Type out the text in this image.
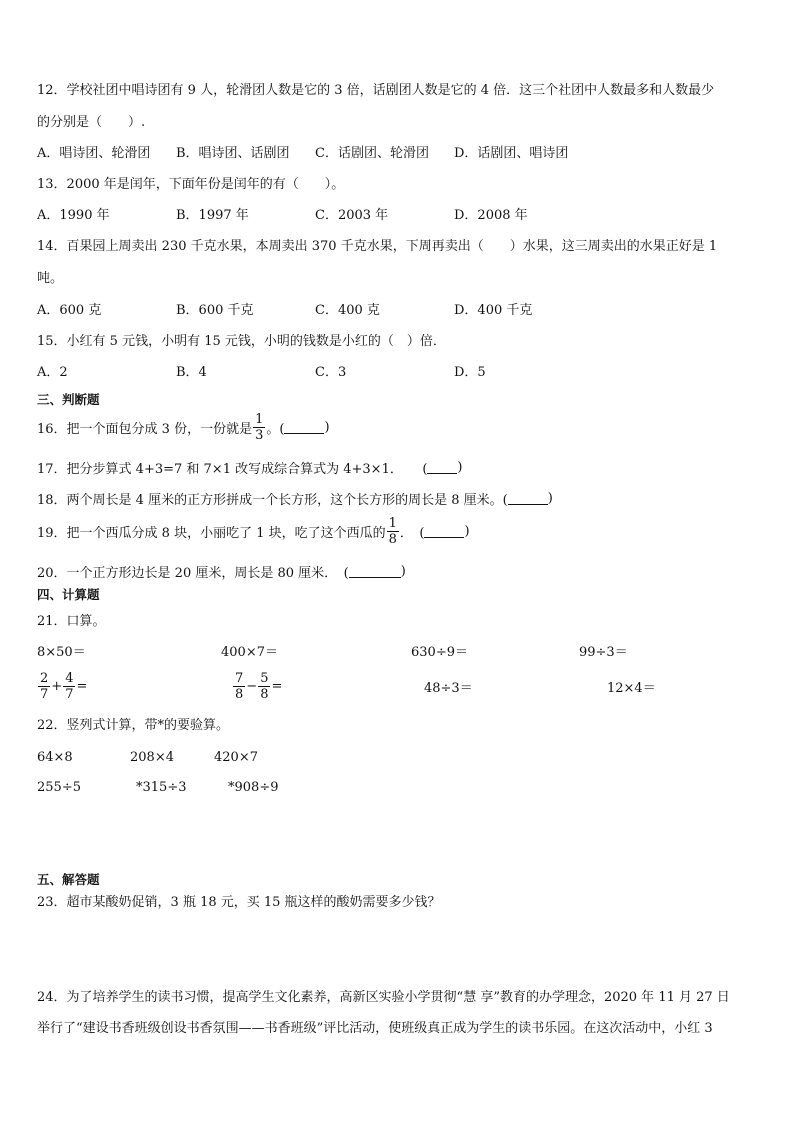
12．学校社团中唱诗团有 9 人，轮滑团人数是它的 3 倍，话剧团人数是它的 4 倍．这三个社团中人数最多和人数最少
的分别是（　　）.
A．唱诗团、轮滑团 B．唱诗团、话剧团 C．话剧团、轮滑团 D．话剧团、唱诗团
13．2000 年是闰年，下面年份是闰年的有（　　）。
A．1990 年	B．1997 年	C．2003 年	D．2008 年
14．百果园上周卖出 230 千克水果，本周卖出 370 千克水果，下周再卖出（　　）水果，这三周卖出的水果正好是 1
吨。
A．600 克	B．600 千克	C．400 克	D．400 千克
15．小红有 5 元钱，小明有 15 元钱，小明的钱数是小红的（　）倍．
A．2	B．4	C．3	D．5
三、判断题
16．把一个面包分成 3 份，一份就是 $\frac{1}{3}$ 。(	)
17．把分步算式 4+3=7 和 7×1 改写成综合算式为 4+3×1．　　( )
18．两个周长是 4 厘米的正方形拼成一个长方形，这个长方形的周长是 8 厘米。(	)
19．把一个西瓜分成 8 块，小丽吃了 1 块，吃了这个西瓜的 $\frac{1}{8}$ ．　(	)
20．一个正方形边长是 20 厘米，周长是 80 厘米．　(	)
四、计算题
21．口算。
8×50＝	400×7＝	630÷9＝	99÷3＝
$\frac{2}{7} + \frac{4}{7}$ =	$\frac{7}{8} - \frac{5}{8}$ =	48÷3＝	12×4＝
22．竖列式计算，带*的要验算。
64×8	208×4	420×7
255÷5	*315÷3	*908÷9
五、解答题
23．超市某酸奶促销，3 瓶 18 元，买 15 瓶这样的酸奶需要多少钱？
24．为了培养学生的读书习惯，提高学生文化素养，高新区实验小学贯彻“慧 享”教育的办学理念，2020 年 11 月 27 日
举行了“建设书香班级创设书香氛围——书香班级”评比活动，使班级真正成为学生的读书乐园。在这次活动中，小红 3
